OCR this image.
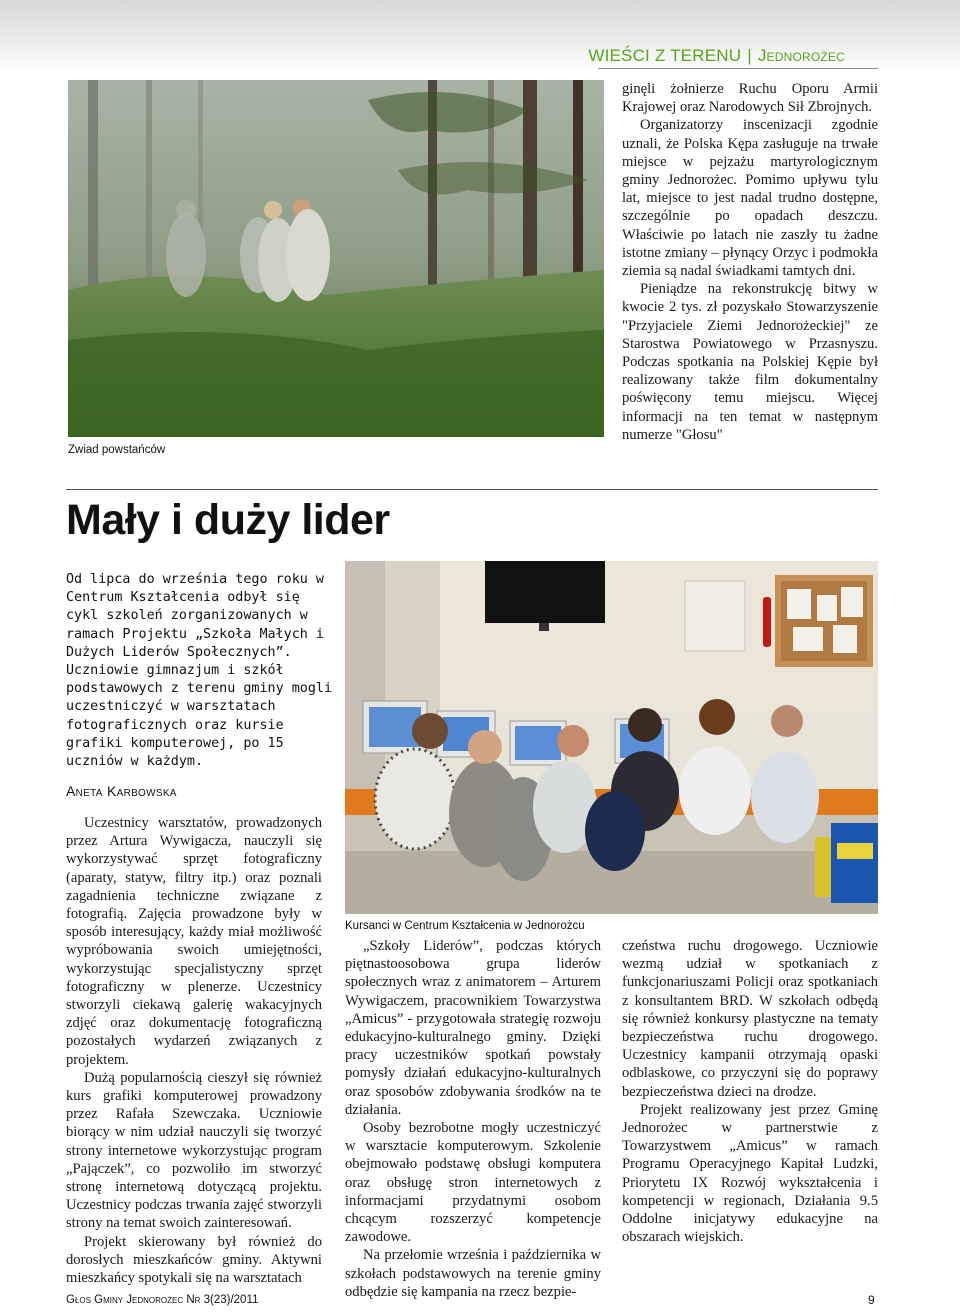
WIEŚCI Z TERENU | Jednorożec
Zwiad powstańców

ginęli żołnierze Ruchu Oporu Armii Krajowej oraz Narodowych Sił Zbrojnych.

Organizatorzy inscenizacji zgodnie uznali, że Polska Kępa zasługuje na trwałe miejsce w pejzażu martyrologicznym gminy Jednorożec. Pomimo upływu tylu lat, miejsce to jest nadal trudno dostępne, szczególnie po opadach deszczu. Właściwie po latach nie zaszły tu żadne istotne zmiany – płynący Orzyc i podmokła ziemia są nadal świadkami tamtych dni.

Pieniądze na rekonstrukcję bitwy w kwocie 2 tys. zł pozyskało Stowarzyszenie "Przyjaciele Ziemi Jednorożeckiej" ze Starostwa Powiatowego w Przasnyszu. Podczas spotkania na Polskiej Kępie był realizowany także film dokumentalny poświęcony temu miejscu. Więcej informacji na ten temat w następnym numerze "Głosu"

Mały i duży lider
Od lipca do września tego roku w Centrum Kształcenia odbył się cykl szkoleń zorganizowanych w ramach Projektu „Szkoła Małych i Dużych Liderów Społecznych”. Uczniowie gimnazjum i szkół podstawowych z terenu gminy mogli uczestniczyć w warsztatach fotograficznych oraz kursie grafiki komputerowej, po 15 uczniów w każdym.
Aneta Karbowska
Kursanci w Centrum Kształcenia w Jednorożcu

Uczestnicy warsztatów, prowadzonych przez Artura Wywigacza, nauczyli się wykorzystywać sprzęt fotograficzny (aparaty, statyw, filtry itp.) oraz poznali zagadnienia techniczne związane z fotografią. Zajęcia prowadzone były w sposób interesujący, każdy miał możliwość wypróbowania swoich umiejętności, wykorzystując specjalistyczny sprzęt fotograficzny w plenerze. Uczestnicy stworzyli ciekawą galerię wakacyjnych zdjęć oraz dokumentację fotograficzną pozostałych wydarzeń związanych z projektem.

Dużą popularnością cieszył się również kurs grafiki komputerowej prowadzony przez Rafała Szewczaka. Uczniowie biorący w nim udział nauczyli się tworzyć strony internetowe wykorzystując program „Pajączek”, co pozwoliło im stworzyć stronę internetową dotyczącą projektu. Uczestnicy podczas trwania zajęć stworzyli strony na temat swoich zainteresowań.

Projekt skierowany był również do dorosłych mieszkańców gminy. Aktywni mieszkańcy spotykali się na warsztatach

„Szkoły Liderów”, podczas których piętnastoosobowa grupa liderów społecznych wraz z animatorem – Arturem Wywigaczem, pracownikiem Towarzystwa „Amicus” - przygotowała strategię rozwoju edukacyjno-kulturalnego gminy. Dzięki pracy uczestników spotkań powstały pomysły działań edukacyjno-kulturalnych oraz sposobów zdobywania środków na te działania.

Osoby bezrobotne mogły uczestniczyć w warsztacie komputerowym. Szkolenie obejmowało podstawę obsługi komputera oraz obsługę stron internetowych z informacjami przydatnymi osobom chcącym rozszerzyć kompetencje zawodowe.

Na przełomie września i października w szkołach podstawowych na terenie gminy odbędzie się kampania na rzecz bezpie-

czeństwa ruchu drogowego. Uczniowie wezmą udział w spotkaniach z funkcjonariuszami Policji oraz spotkaniach z konsultantem BRD. W szkołach odbędą się również konkursy plastyczne na tematy bezpieczeństwa ruchu drogowego. Uczestnicy kampanii otrzymają opaski odblaskowe, co przyczyni się do poprawy bezpieczeństwa dzieci na drodze.

Projekt realizowany jest przez Gminę Jednorożec w partnerstwie z Towarzystwem „Amicus” w ramach Programu Operacyjnego Kapitał Ludzki, Priorytetu IX Rozwój wykształcenia i kompetencji w regionach, Działania 9.5 Oddolne inicjatywy edukacyjne na obszarach wiejskich.

Głos Gminy Jednorożec Nr 3(23)/2011	9
